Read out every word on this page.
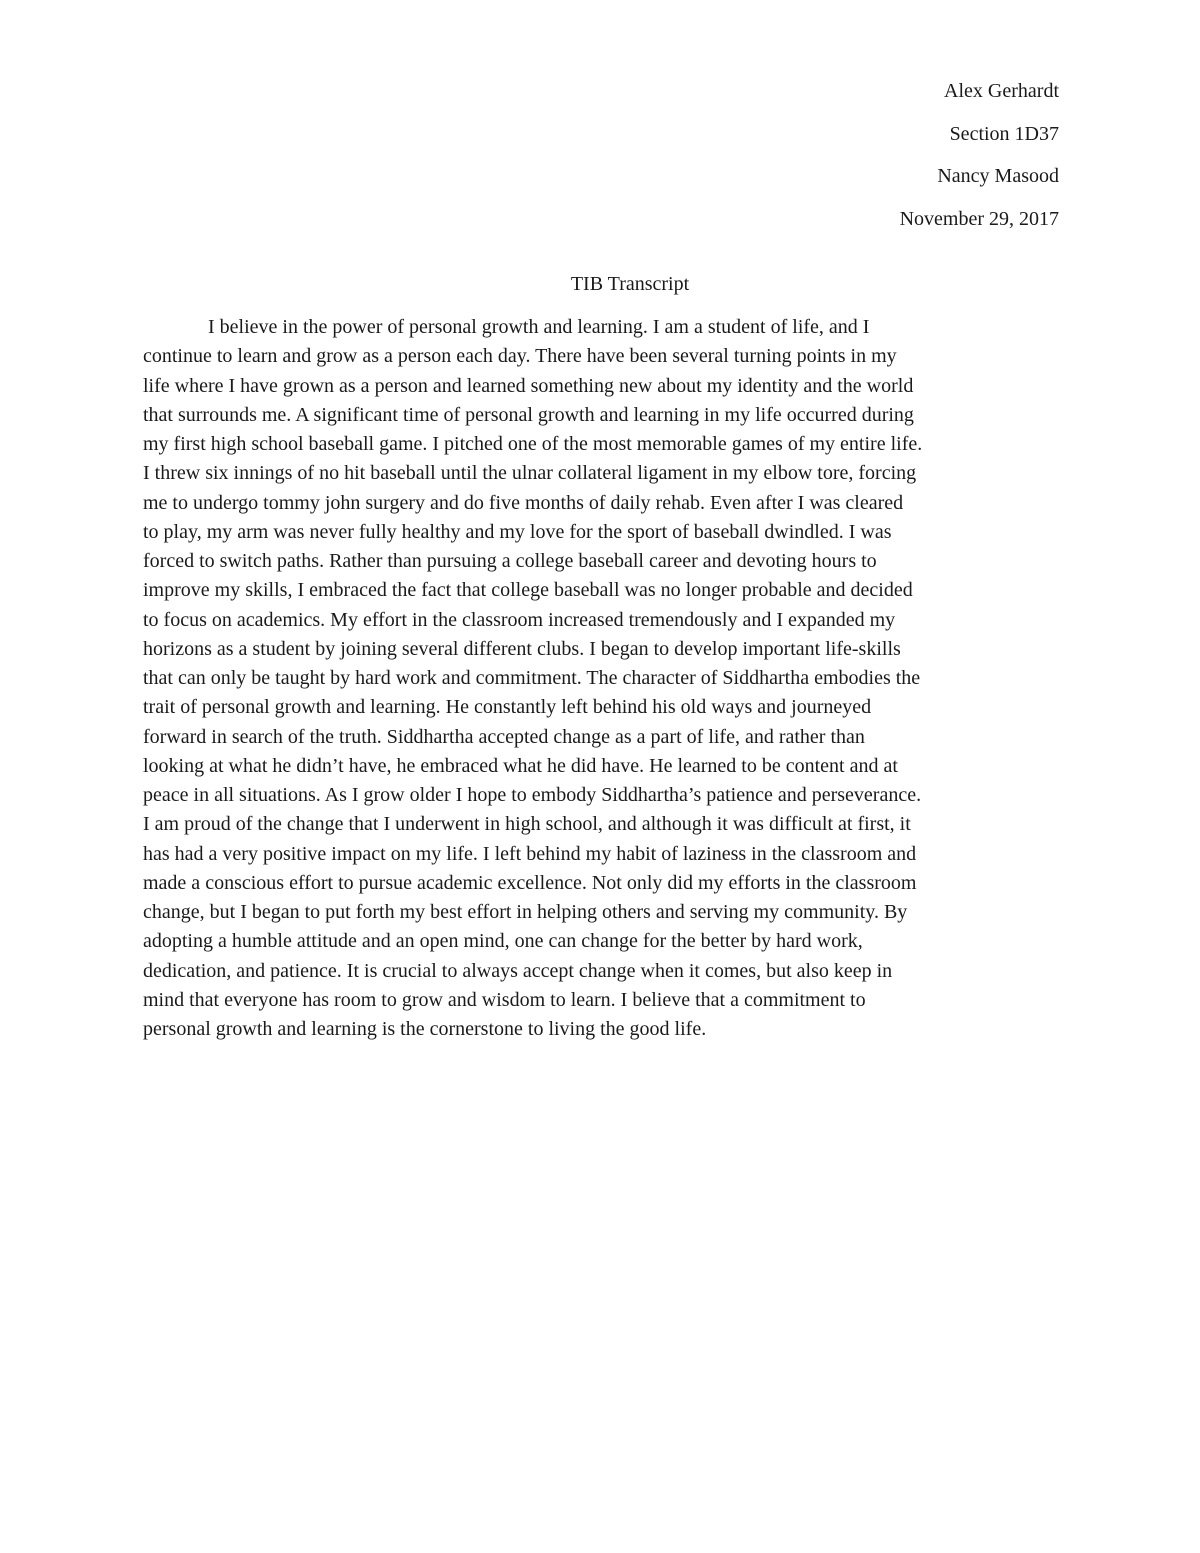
Alex Gerhardt
Section 1D37
Nancy Masood
November 29, 2017
TIB Transcript
I believe in the power of personal growth and learning. I am a student of life, and I
continue to learn and grow as a person each day. There have been several turning points in my
life where I have grown as a person and learned something new about my identity and the world
that surrounds me. A significant time of personal growth and learning in my life occurred during
my first high school baseball game. I pitched one of the most memorable games of my entire life.
I threw six innings of no hit baseball until the ulnar collateral ligament in my elbow tore, forcing
me to undergo tommy john surgery and do five months of daily rehab. Even after I was cleared
to play, my arm was never fully healthy and my love for the sport of baseball dwindled. I was
forced to switch paths. Rather than pursuing a college baseball career and devoting hours to
improve my skills, I embraced the fact that college baseball was no longer probable and decided
to focus on academics. My effort in the classroom increased tremendously and I expanded my
horizons as a student by joining several different clubs. I began to develop important life-skills
that can only be taught by hard work and commitment. The character of Siddhartha embodies the
trait of personal growth and learning. He constantly left behind his old ways and journeyed
forward in search of the truth. Siddhartha accepted change as a part of life, and rather than
looking at what he didn’t have, he embraced what he did have. He learned to be content and at
peace in all situations. As I grow older I hope to embody Siddhartha’s patience and perseverance.
I am proud of the change that I underwent in high school, and although it was difficult at first, it
has had a very positive impact on my life. I left behind my habit of laziness in the classroom and
made a conscious effort to pursue academic excellence. Not only did my efforts in the classroom
change, but I began to put forth my best effort in helping others and serving my community. By
adopting a humble attitude and an open mind, one can change for the better by hard work,
dedication, and patience. It is crucial to always accept change when it comes, but also keep in
mind that everyone has room to grow and wisdom to learn. I believe that a commitment to
personal growth and learning is the cornerstone to living the good life.
